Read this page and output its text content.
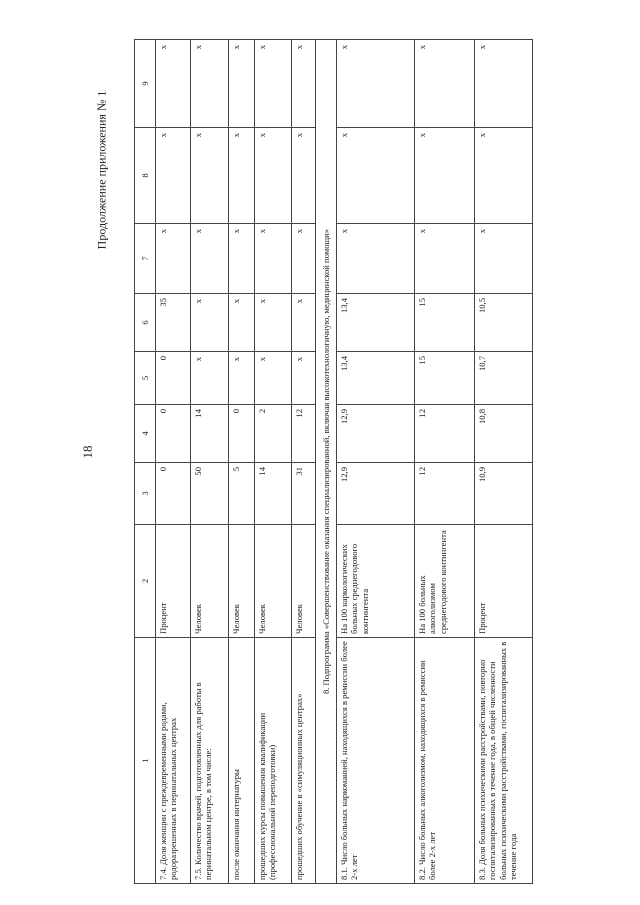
18
Продолжение приложения № 1
1	2	3	4	5	6	7	8	9
7.4. Доля женщин с преждевременными родами, родоразрешенных в перинатальных центрах	Процент	0	0	0	35	x	x	x
7.5. Количество врачей, подготовленных для работы в перинатальном центре, в том числе:	Человек	50	14	x	x	x	x	x
после окончания интернатуры	Человек	5	0	x	x	x	x	x
прошедших курсы повышения квалификации (профессиональной переподготовки)	Человек	14	2	x	x	x	x	x
прошедших обучение в «симуляционных центрах»	Человек	31	12	x	x	x	x	x
8. Подпрограмма «Совершенствование оказания специализированной, включая высокотехнологичную, медицинской помощи»								
8.1. Число больных наркоманией, находящихся в ремиссии более 2-х лет	На 100 наркологических больных среднегодового контингента	12,9	12,9	13,4	13,4	x	x	x
8.2. Число больных алкоголизмом, находящихся в ремиссии более 2-х лет	На 100 больных алкоголизмом среднегодового контингента	12	12	15	15	x	x	x
8.3. Доля больных психическими расстройствами, повторно госпитализированных в течение года, в общей численности больных психическими расстройствами, госпитализированных в течение года	Процент	10,9	10,8	10,7	10,5	x	x	x
